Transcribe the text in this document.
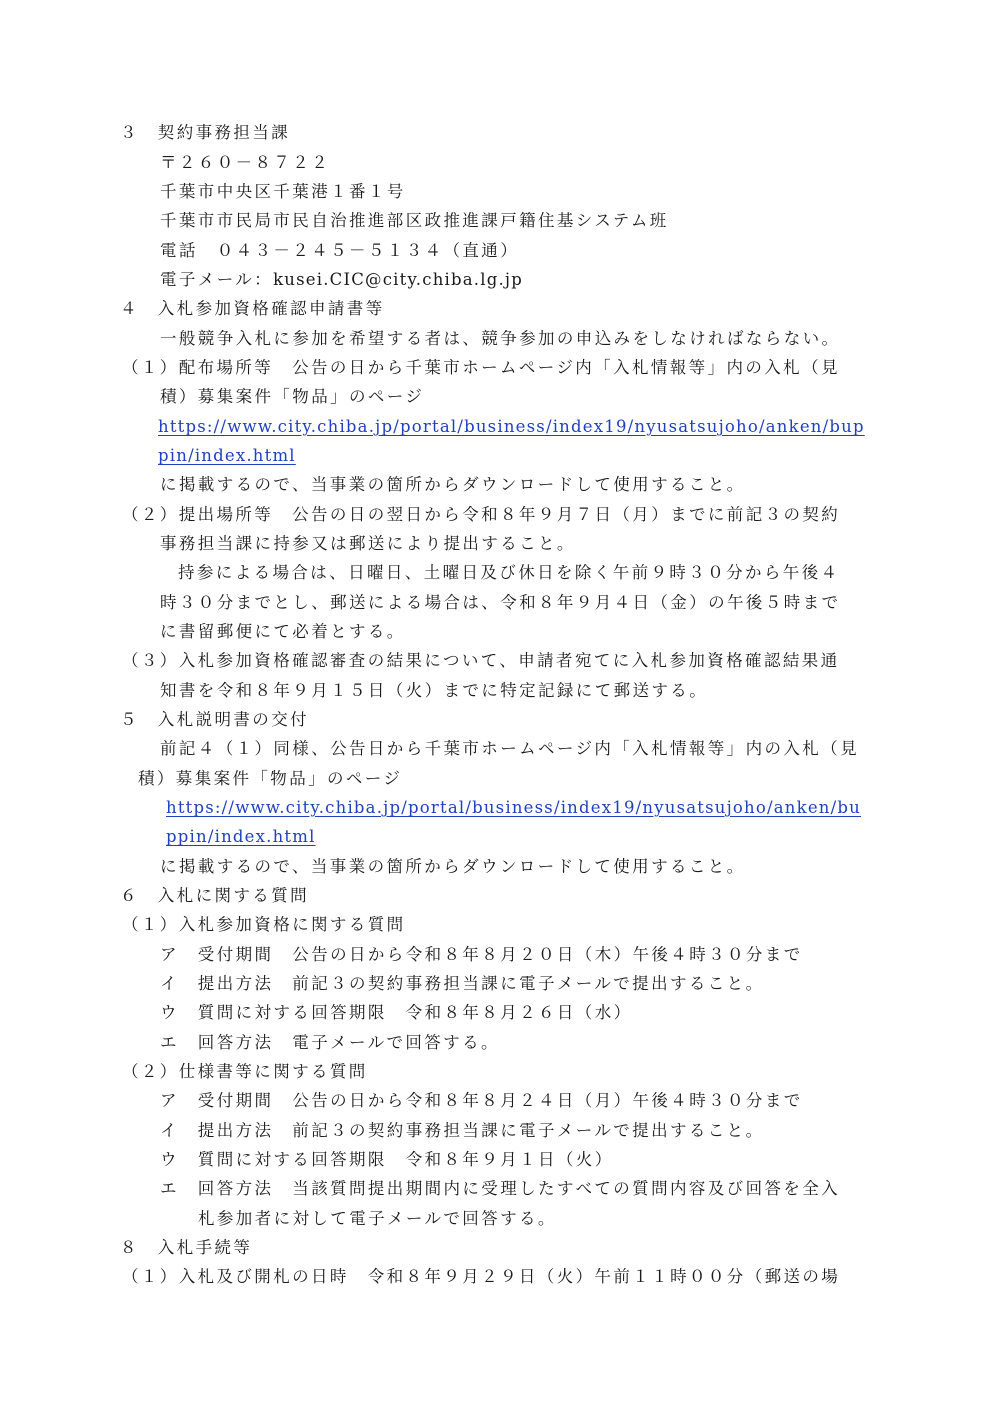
３　契約事務担当課
〒２６０－８７２２
千葉市中央区千葉港１番１号
千葉市市民局市民自治推進部区政推進課戸籍住基システム班
電話　０４３－２４５－５１３４（直通）
電子メール：kusei.CIC@city.chiba.lg.jp
４　入札参加資格確認申請書等
一般競争入札に参加を希望する者は、競争参加の申込みをしなければならない。
（１）配布場所等　公告の日から千葉市ホームページ内「入札情報等」内の入札（見
積）募集案件「物品」のページ
https://www.city.chiba.jp/portal/business/index19/nyusatsujoho/anken/bup
pin/index.html
に掲載するので、当事業の箇所からダウンロードして使用すること。
（２）提出場所等　公告の日の翌日から令和８年９月７日（月）までに前記３の契約
事務担当課に持参又は郵送により提出すること。
持参による場合は、日曜日、土曜日及び休日を除く午前９時３０分から午後４
時３０分までとし、郵送による場合は、令和８年９月４日（金）の午後５時まで
に書留郵便にて必着とする。
（３）入札参加資格確認審査の結果について、申請者宛てに入札参加資格確認結果通
知書を令和８年９月１５日（火）までに特定記録にて郵送する。
５　入札説明書の交付
前記４（１）同様、公告日から千葉市ホームページ内「入札情報等」内の入札（見
積）募集案件「物品」のページ
https://www.city.chiba.jp/portal/business/index19/nyusatsujoho/anken/bu
ppin/index.html
に掲載するので、当事業の箇所からダウンロードして使用すること。
６　入札に関する質問
（１）入札参加資格に関する質問
ア　受付期間　公告の日から令和８年８月２０日（木）午後４時３０分まで
イ　提出方法　前記３の契約事務担当課に電子メールで提出すること。
ウ　質問に対する回答期限　令和８年８月２６日（水）
エ　回答方法　電子メールで回答する。
（２）仕様書等に関する質問
ア　受付期間　公告の日から令和８年８月２４日（月）午後４時３０分まで
イ　提出方法　前記３の契約事務担当課に電子メールで提出すること。
ウ　質問に対する回答期限　令和８年９月１日（火）
エ　回答方法　当該質問提出期間内に受理したすべての質問内容及び回答を全入
札参加者に対して電子メールで回答する。
８　入札手続等
（１）入札及び開札の日時　令和８年９月２９日（火）午前１１時００分（郵送の場
